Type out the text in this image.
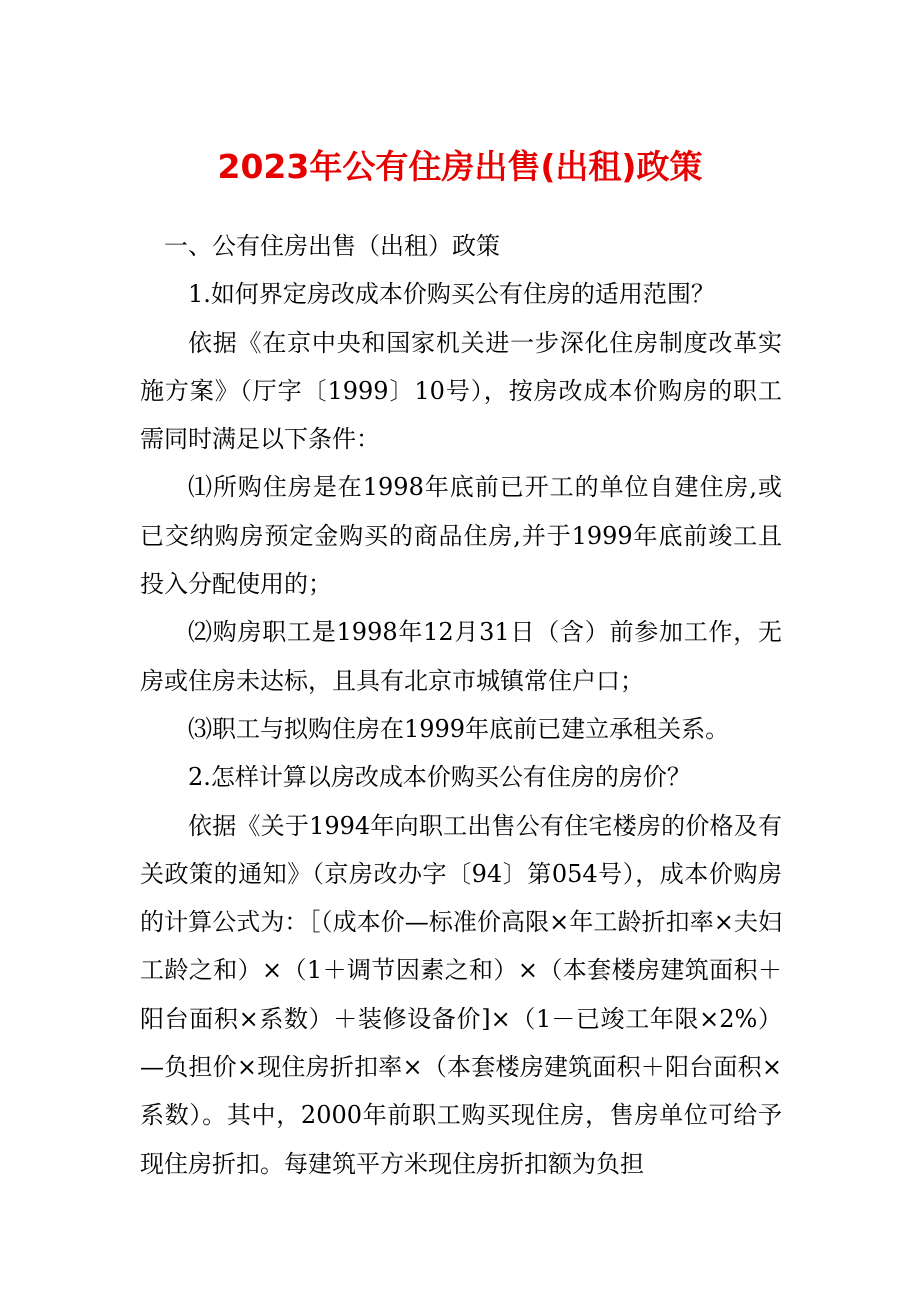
2023年公有住房出售(出租)政策

一、公有住房出售（出租）政策

1.如何界定房改成本价购买公有住房的适用范围？

依据《在京中央和国家机关进一步深化住房制度改革实施方案》（厅字〔1999〕10号），按房改成本价购房的职工需同时满足以下条件：

⑴所购住房是在1998年底前已开工的单位自建住房,或已交纳购房预定金购买的商品住房,并于1999年底前竣工且投入分配使用的；

⑵购房职工是1998年12月31日（含）前参加工作，无房或住房未达标，且具有北京市城镇常住户口；

⑶职工与拟购住房在1999年底前已建立承租关系。

2.怎样计算以房改成本价购买公有住房的房价？

依据《关于1994年向职工出售公有住宅楼房的价格及有关政策的通知》（京房改办字〔94〕第054号），成本价购房的计算公式为：［（成本价—标准价高限×年工龄折扣率×夫妇工龄之和）×（1＋调节因素之和）×（本套楼房建筑面积＋阳台面积×系数）＋装修设备价]×（1－已竣工年限×2%）—负担价×现住房折扣率×（本套楼房建筑面积＋阳台面积×系数）。其中，2000年前职工购买现住房，售房单位可给予现住房折扣。每建筑平方米现住房折扣额为负担
